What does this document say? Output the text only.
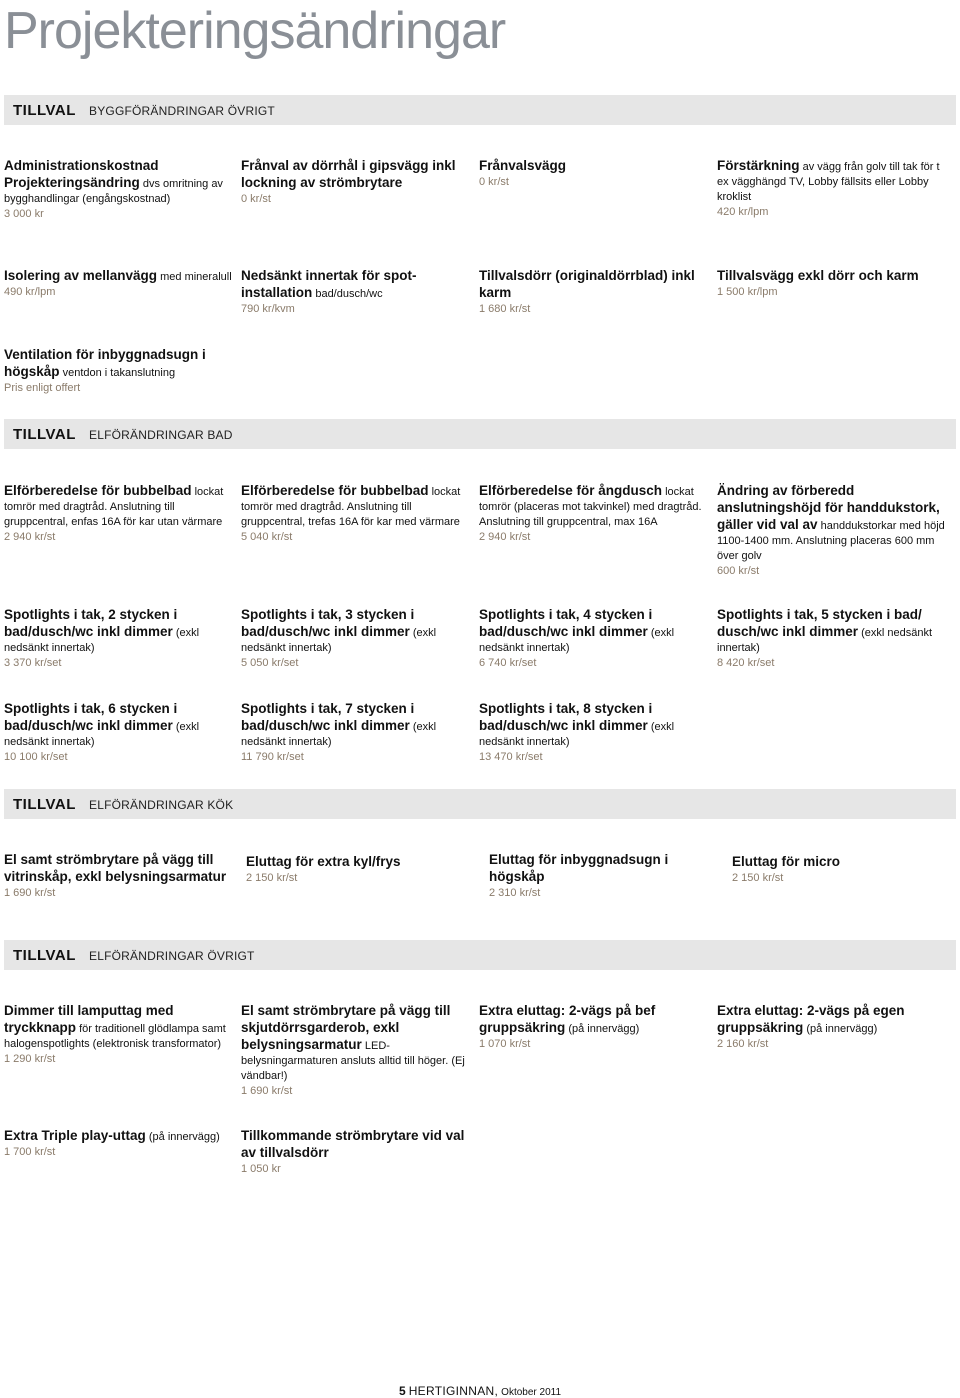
Projekteringsändringar
TILLVAL BYGGFÖRÄNDRINGAR ÖVRIGT
TILLVAL ELFÖRÄNDRINGAR BAD
TILLVAL ELFÖRÄNDRINGAR KÖK
TILLVAL ELFÖRÄNDRINGAR ÖVRIGT
Administrationskostnad Projekteringsändring dvs omritning av bygghandlingar (engångskostnad)
3 000 kr
Frånval av dörrhål i gipsvägg inkl lockning av strömbrytare
0 kr/st
Frånvalsvägg
0 kr/st
Förstärkning av vägg från golv till tak för t ex vägghängd TV, Lobby fällsits eller Lobby kroklist
420 kr/lpm
Isolering av mellanvägg med mineralull
490 kr/lpm
Nedsänkt innertak för spot-installation bad/dusch/wc
790 kr/kvm
Tillvalsdörr (originaldörrblad) inkl karm
1 680 kr/st
Tillvalsvägg exkl dörr och karm
1 500 kr/lpm
Ventilation för inbyggnadsugn i högskåp ventdon i takanslutning
Pris enligt offert
Elförberedelse för bubbelbad lockat tomrör med dragtråd. Anslutning till gruppcentral, enfas 16A för kar utan värmare
2 940 kr/st
Elförberedelse för bubbelbad lockat tomrör med dragtråd. Anslutning till gruppcentral, trefas 16A för kar med värmare
5 040 kr/st
Elförberedelse för ångdusch lockat tomrör (placeras mot takvinkel) med dragtråd. Anslutning till gruppcentral, max 16A
2 940 kr/st
Ändring av förberedd anslutningshöjd för handdukstork, gäller vid val av handdukstorkar med höjd 1100-1400 mm. Anslutning placeras 600 mm över golv
600 kr/st
Spotlights i tak, 2 stycken i bad/dusch/wc inkl dimmer (exkl nedsänkt innertak)
3 370 kr/set
Spotlights i tak, 3 stycken i bad/dusch/wc inkl dimmer (exkl nedsänkt innertak)
5 050 kr/set
Spotlights i tak, 4 stycken i bad/dusch/wc inkl dimmer (exkl nedsänkt innertak)
6 740 kr/set
Spotlights i tak, 5 stycken i bad/ dusch/wc inkl dimmer (exkl nedsänkt innertak)
8 420 kr/set
Spotlights i tak, 6 stycken i bad/dusch/wc inkl dimmer (exkl nedsänkt innertak)
10 100 kr/set
Spotlights i tak, 7 stycken i bad/dusch/wc inkl dimmer (exkl nedsänkt innertak)
11 790 kr/set
Spotlights i tak, 8 stycken i bad/dusch/wc inkl dimmer (exkl nedsänkt innertak)
13 470 kr/set
El samt strömbrytare på vägg till vitrinskåp, exkl belysningsarmatur
1 690 kr/st
Eluttag för extra kyl/frys
2 150 kr/st
Eluttag för inbyggnadsugn i högskåp
2 310 kr/st
Eluttag för micro
2 150 kr/st
Dimmer till lamputtag med tryckknapp för traditionell glödlampa samt halogenspotlights (elektronisk transformator)
1 290 kr/st
El samt strömbrytare på vägg till skjutdörrsgarderob, exkl belysningsarmatur LED-belysningarmaturen ansluts alltid till höger. (Ej vändbar!)
1 690 kr/st
Extra eluttag: 2-vägs på bef gruppsäkring (på innervägg)
1 070 kr/st
Extra eluttag: 2-vägs på egen gruppsäkring (på innervägg)
2 160 kr/st
Extra Triple play-uttag (på innervägg)
1 700 kr/st
Tillkommande strömbrytare vid val av tillvalsdörr
1 050 kr
5 HERTIGINNAN, Oktober 2011
